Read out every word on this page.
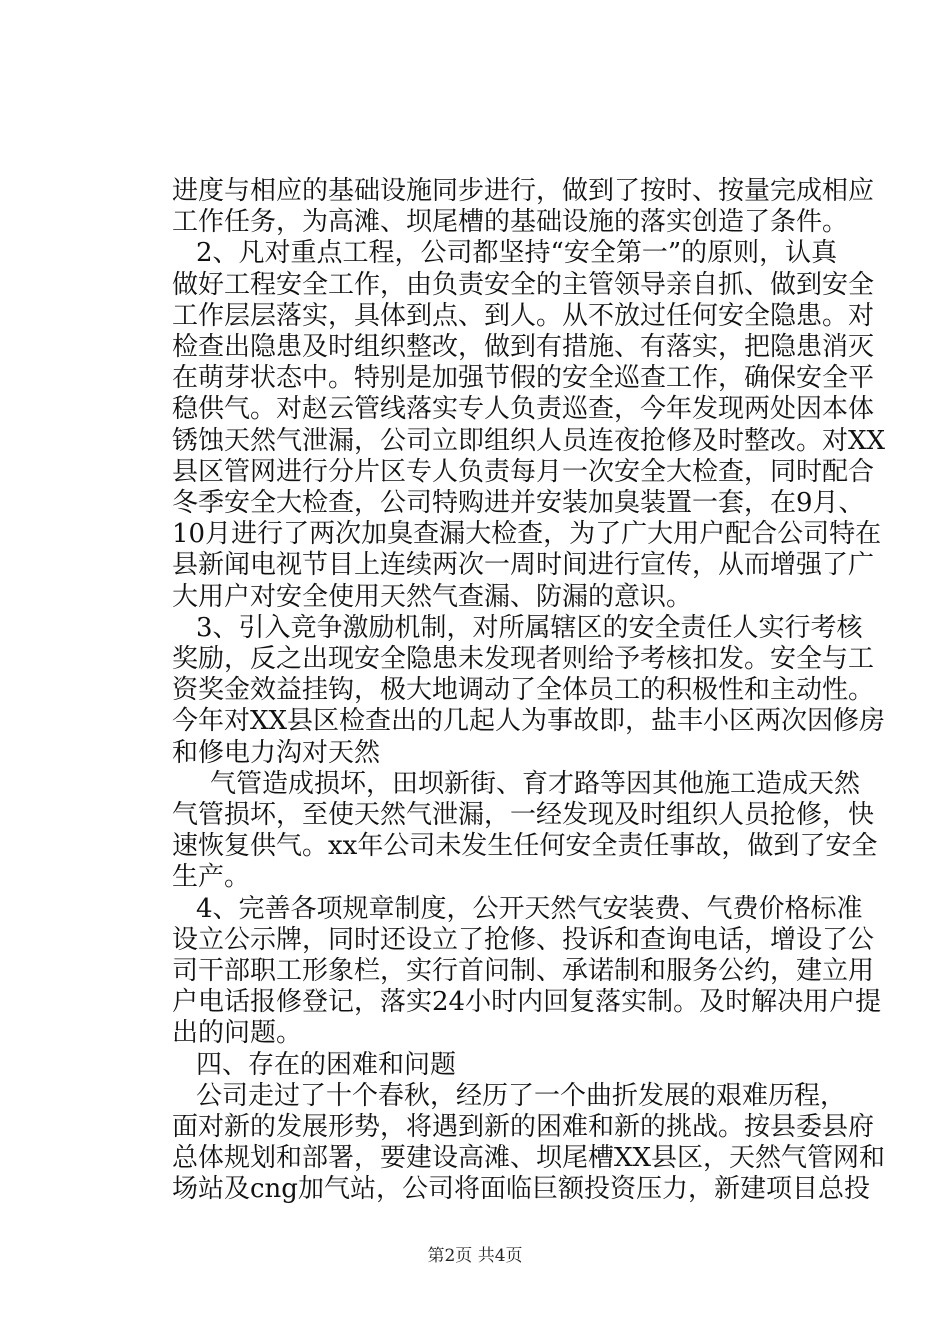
进度与相应的基础设施同步进行，做到了按时、按量完成相应
工作任务，为高滩、坝尾槽的基础设施的落实创造了条件。
2、凡对重点工程，公司都坚持“安全第一”的原则，认真
做好工程安全工作，由负责安全的主管领导亲自抓、做到安全
工作层层落实，具体到点、到人。从不放过任何安全隐患。对
检查出隐患及时组织整改，做到有措施、有落实，把隐患消灭
在萌芽状态中。特别是加强节假的安全巡查工作，确保安全平
稳供气。对赵云管线落实专人负责巡查，今年发现两处因本体
锈蚀天然气泄漏，公司立即组织人员连夜抢修及时整改。对XX
县区管网进行分片区专人负责每月一次安全大检查，同时配合
冬季安全大检查，公司特购进并安装加臭装置一套，在9月、
10月进行了两次加臭查漏大检查，为了广大用户配合公司特在
县新闻电视节目上连续两次一周时间进行宣传，从而增强了广
大用户对安全使用天然气查漏、防漏的意识。
3、引入竞争激励机制，对所属辖区的安全责任人实行考核
奖励，反之出现安全隐患未发现者则给予考核扣发。安全与工
资奖金效益挂钩，极大地调动了全体员工的积极性和主动性。
今年对XX县区检查出的几起人为事故即，盐丰小区两次因修房
和修电力沟对天然
气管造成损坏，田坝新街、育才路等因其他施工造成天然
气管损坏，至使天然气泄漏，一经发现及时组织人员抢修，快
速恢复供气。xx年公司未发生任何安全责任事故，做到了安全
生产。
4、完善各项规章制度，公开天然气安装费、气费价格标准
设立公示牌，同时还设立了抢修、投诉和查询电话，增设了公
司干部职工形象栏，实行首问制、承诺制和服务公约，建立用
户电话报修登记，落实24小时内回复落实制。及时解决用户提
出的问题。
四、存在的困难和问题
公司走过了十个春秋，经历了一个曲折发展的艰难历程，
面对新的发展形势，将遇到新的困难和新的挑战。按县委县府
总体规划和部署，要建设高滩、坝尾槽XX县区，天然气管网和
场站及cng加气站，公司将面临巨额投资压力，新建项目总投
第2页 共4页
